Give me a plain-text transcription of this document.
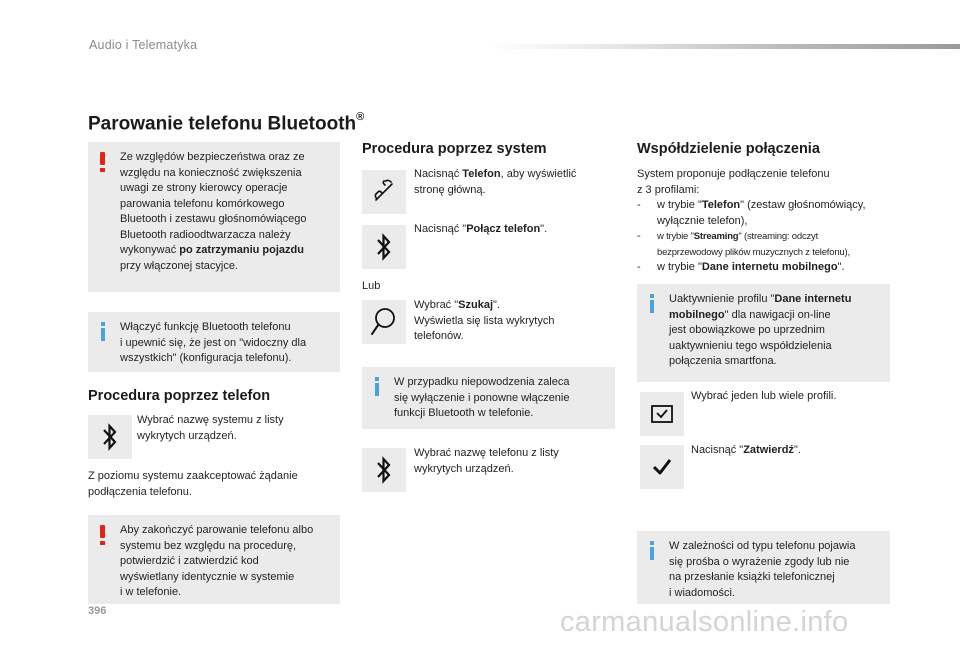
Audio i Telematyka
Parowanie telefonu Bluetooth®
Ze względów bezpieczeństwa oraz ze
względu na konieczność zwiększenia
uwagi ze strony kierowcy operacje
parowania telefonu komórkowego
Bluetooth i zestawu głośnomówiącego
Bluetooth radioodtwarzacza należy
wykonywać po zatrzymaniu pojazdu
przy włączonej stacyjce.
Włączyć funkcję Bluetooth telefonu
i upewnić się, że jest on "widoczny dla
wszystkich" (konfiguracja telefonu).
Procedura poprzez telefon
Wybrać nazwę systemu z listy
wykrytych urządzeń.
Z poziomu systemu zaakceptować żądanie
podłączenia telefonu.
Aby zakończyć parowanie telefonu albo
systemu bez względu na procedurę,
potwierdzić i zatwierdzić kod
wyświetlany identycznie w systemie
i w telefonie.
Procedura poprzez system
Nacisnąć Telefon, aby wyświetlić
stronę główną.
Nacisnąć "Połącz telefon".
Lub
Wybrać "Szukaj".
Wyświetla się lista wykrytych
telefonów.
W przypadku niepowodzenia zaleca
się wyłączenie i ponowne włączenie
funkcji Bluetooth w telefonie.
Wybrać nazwę telefonu z listy
wykrytych urządzeń.
Współdzielenie połączenia
System proponuje podłączenie telefonu
z 3 profilami:
-	w trybie "Telefon" (zestaw głośnomówiący,
wyłącznie telefon),
-	w trybie "Streaming" (streaming: odczyt
bezprzewodowy plików muzycznych z telefonu),
-	w trybie "Dane internetu mobilnego".
Uaktywnienie profilu "Dane internetu
mobilnego" dla nawigacji on-line
jest obowiązkowe po uprzednim
uaktywnieniu tego współdzielenia
połączenia smartfona.
Wybrać jeden lub wiele profili.
Nacisnąć "Zatwierdź".
W zależności od typu telefonu pojawia
się prośba o wyrażenie zgody lub nie
na przesłanie książki telefonicznej
i wiadomości.
396	carmanualsonline.info
